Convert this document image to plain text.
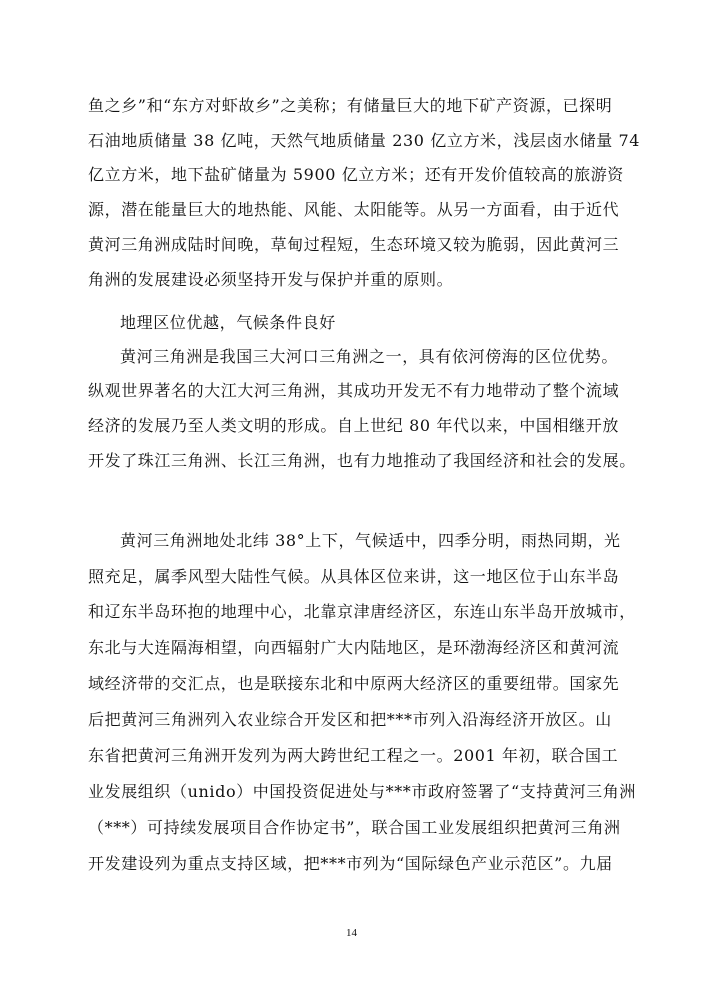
鱼之乡”和“东方对虾故乡”之美称；有储量巨大的地下矿产资源，已探明
石油地质储量 38 亿吨，天然气地质储量 230 亿立方米，浅层卤水储量 74
亿立方米，地下盐矿储量为 5900 亿立方米；还有开发价值较高的旅游资
源，潜在能量巨大的地热能、风能、太阳能等。从另一方面看，由于近代
黄河三角洲成陆时间晚，草甸过程短，生态环境又较为脆弱，因此黄河三
角洲的发展建设必须坚持开发与保护并重的原则。
地理区位优越，气候条件良好
黄河三角洲是我国三大河口三角洲之一，具有依河傍海的区位优势。
纵观世界著名的大江大河三角洲，其成功开发无不有力地带动了整个流域
经济的发展乃至人类文明的形成。自上世纪 80 年代以来，中国相继开放
开发了珠江三角洲、长江三角洲，也有力地推动了我国经济和社会的发展。
黄河三角洲地处北纬 38°上下，气候适中，四季分明，雨热同期，光
照充足，属季风型大陆性气候。从具体区位来讲，这一地区位于山东半岛
和辽东半岛环抱的地理中心，北靠京津唐经济区，东连山东半岛开放城市，
东北与大连隔海相望，向西辐射广大内陆地区，是环渤海经济区和黄河流
域经济带的交汇点，也是联接东北和中原两大经济区的重要纽带。国家先
后把黄河三角洲列入农业综合开发区和把***市列入沿海经济开放区。山
东省把黄河三角洲开发列为两大跨世纪工程之一。2001 年初，联合国工
业发展组织（unido）中国投资促进处与***市政府签署了“支持黄河三角洲
（***）可持续发展项目合作协定书”，联合国工业发展组织把黄河三角洲
开发建设列为重点支持区域，把***市列为“国际绿色产业示范区”。九届
14
